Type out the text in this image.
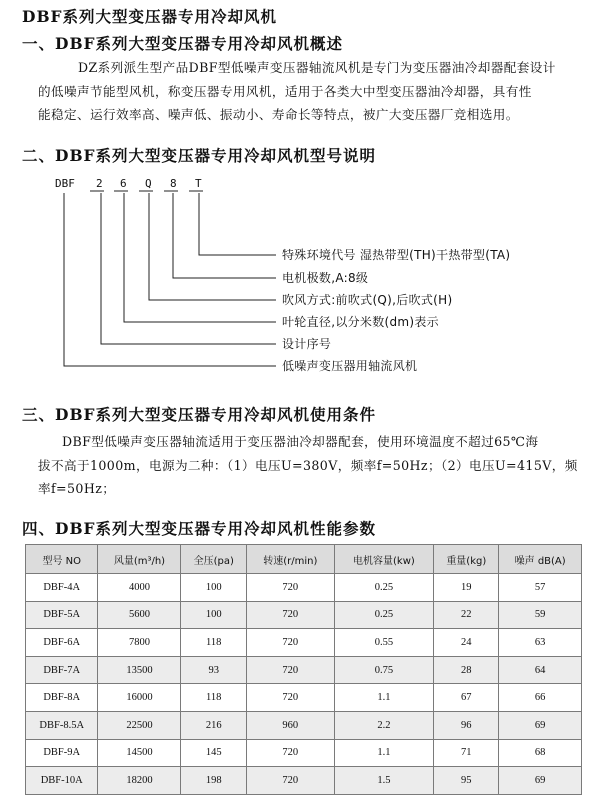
DBF系列大型变压器专用冷却风机
一、DBF系列大型变压器专用冷却风机概述
DZ系列派生型产品DBF型低噪声变压器轴流风机是专门为变压器油冷却器配套设计
的低噪声节能型风机，称变压器专用风机，适用于各类大中型变压器油冷却器，具有性
能稳定、运行效率高、噪声低、振动小、寿命长等特点，被广大变压器厂竞相选用。
二、DBF系列大型变压器专用冷却风机型号说明
DBF 2 6 Q 8 T
特殊环境代号 湿热带型(TH)干热带型(TA)
电机极数,A:8级
吹风方式:前吹式(Q),后吹式(H)
叶轮直径,以分米数(dm)表示
设计序号
低噪声变压器用轴流风机
三、DBF系列大型变压器专用冷却风机使用条件
DBF型低噪声变压器轴流适用于变压器油冷却器配套，使用环境温度不超过65℃海
拔不高于1000m，电源为二种：（1）电压U=380V，频率f=50Hz；（2）电压U=415V，频
率f=50Hz；
四、DBF系列大型变压器专用冷却风机性能参数
型号 NO	风量(m³/h)	全压(pa)	转速(r/min)	电机容量(kw)	重量(kg)	噪声 dB(A)
DBF-4A	4000	100	720	0.25	19	57
DBF-5A	5600	100	720	0.25	22	59
DBF-6A	7800	118	720	0.55	24	63
DBF-7A	13500	93	720	0.75	28	64
DBF-8A	16000	118	720	1.1	67	66
DBF-8.5A	22500	216	960	2.2	96	69
DBF-9A	14500	145	720	1.1	71	68
DBF-10A	18200	198	720	1.5	95	69
